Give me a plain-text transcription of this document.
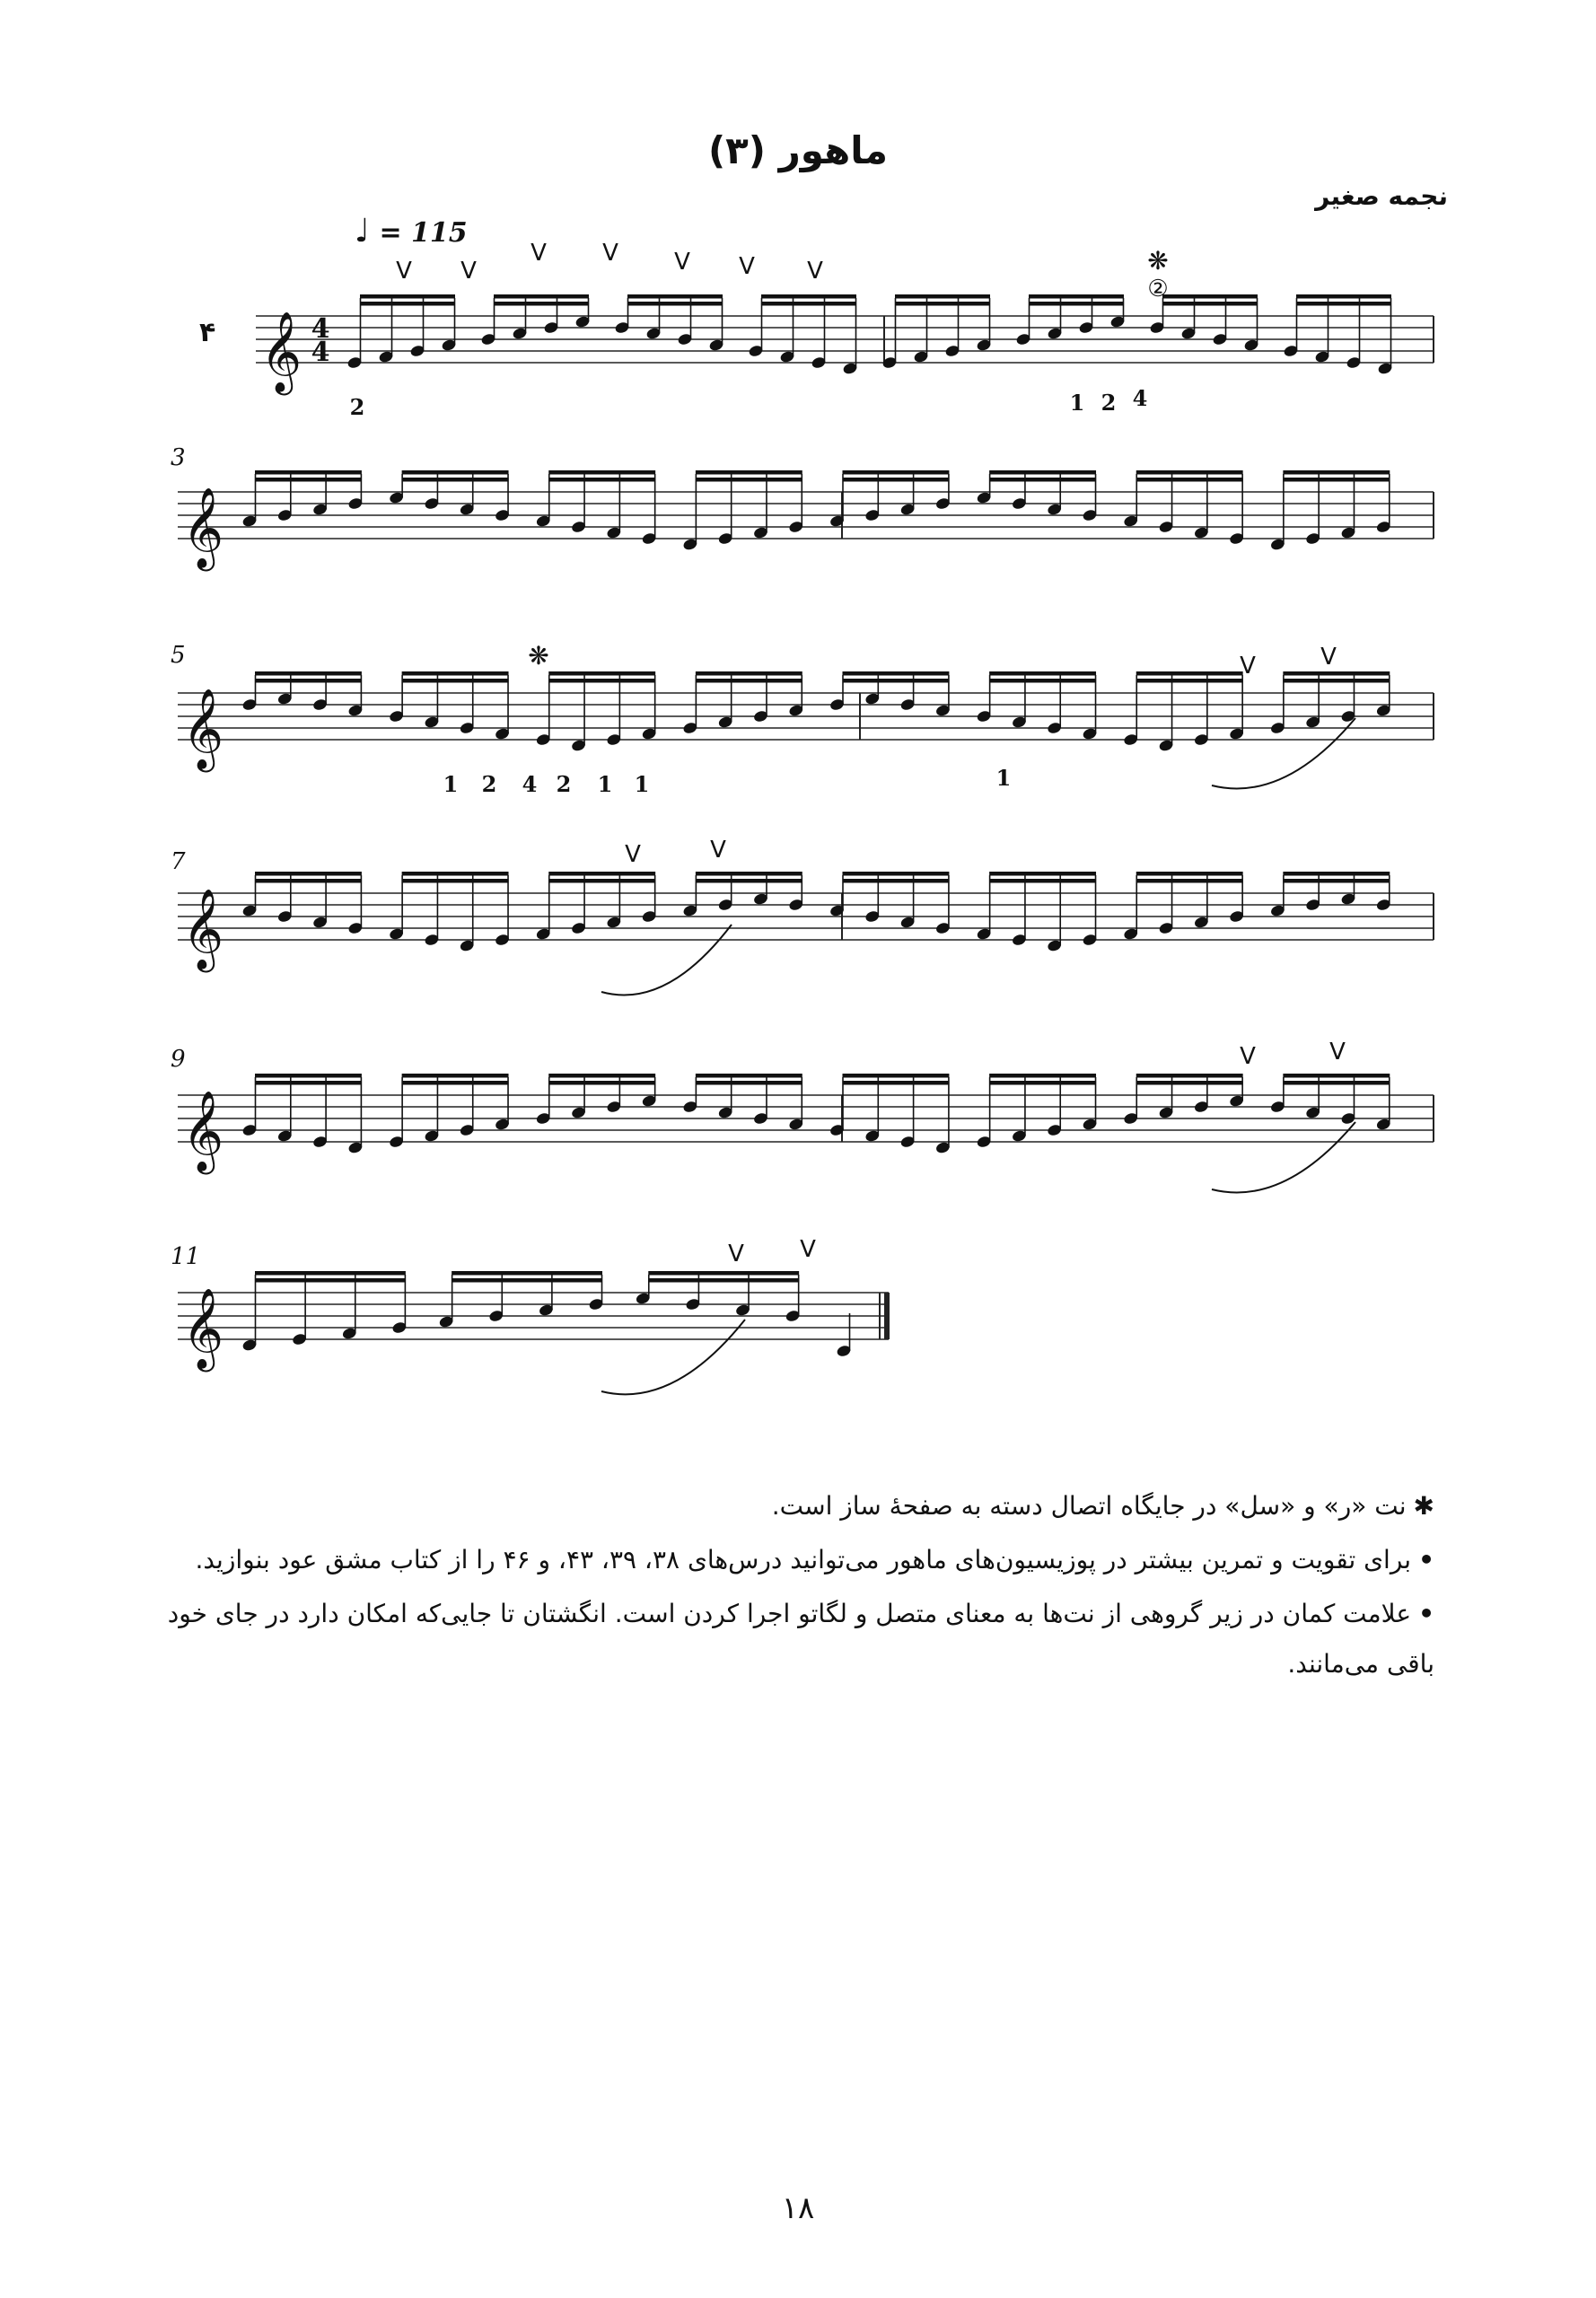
ماهور (۳)
نجمه صغیر
♩ = 115
۴
3
5
7
9
11
𝄞 4
4
𝄞
𝄞
𝄞
𝄞
𝄞
V V
V V V V V
V	V
V	V
V	V
V V
❋
②
❋
2	1 2 4
1 2 4 2 1 1	1

✱نت «ر» و «سل» در جایگاه اتصال دسته به صفحهٔ ساز است.

•برای تقویت و تمرین بیشتر در پوزیسیون‌های ماهور می‌توانید درس‌های ۳۸، ۳۹، ۴۳، و ۴۶ را از کتاب مشق عود بنوازید.

•علامت کمان در زیر گروهی از نت‌ها به معنای متصل و لگاتو اجرا کردن است. انگشتان تا جایی‌که امکان دارد در جای خود باقی می‌مانند.

۱۸
